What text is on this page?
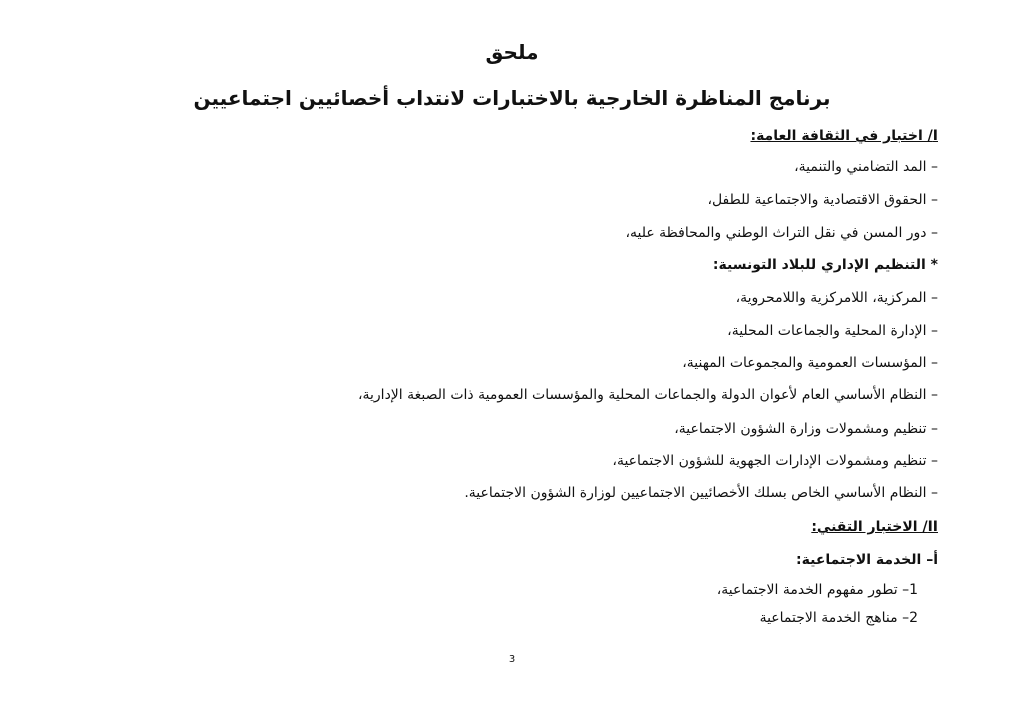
ملحق
برنامج المناظرة الخارجية بالاختبارات لانتداب أخصائيين اجتماعيين
I/ اختبار في الثقافة العامة:
– المد التضامني والتنمية،
– الحقوق الاقتصادية والاجتماعية للطفل،
– دور المسن في نقل التراث الوطني والمحافظة عليه،
* التنظيم الإداري للبلاد التونسية:
– المركزية، اللامركزية واللامحروية،
– الإدارة المحلية والجماعات المحلية،
– المؤسسات العمومية والمجموعات المهنية،
– النظام الأساسي العام لأعوان الدولة والجماعات المحلية والمؤسسات العمومية ذات الصبغة الإدارية،
– تنظيم ومشمولات وزارة الشؤون الاجتماعية،
– تنظيم ومشمولات الإدارات الجهوية للشؤون الاجتماعية،
– النظام الأساسي الخاص بسلك الأخصائيين الاجتماعيين لوزارة الشؤون الاجتماعية.
II/ الاختبار التقني:
أ– الخدمة الاجتماعية:
1– تطور مفهوم الخدمة الاجتماعية،
2– مناهج الخدمة الاجتماعية
3
